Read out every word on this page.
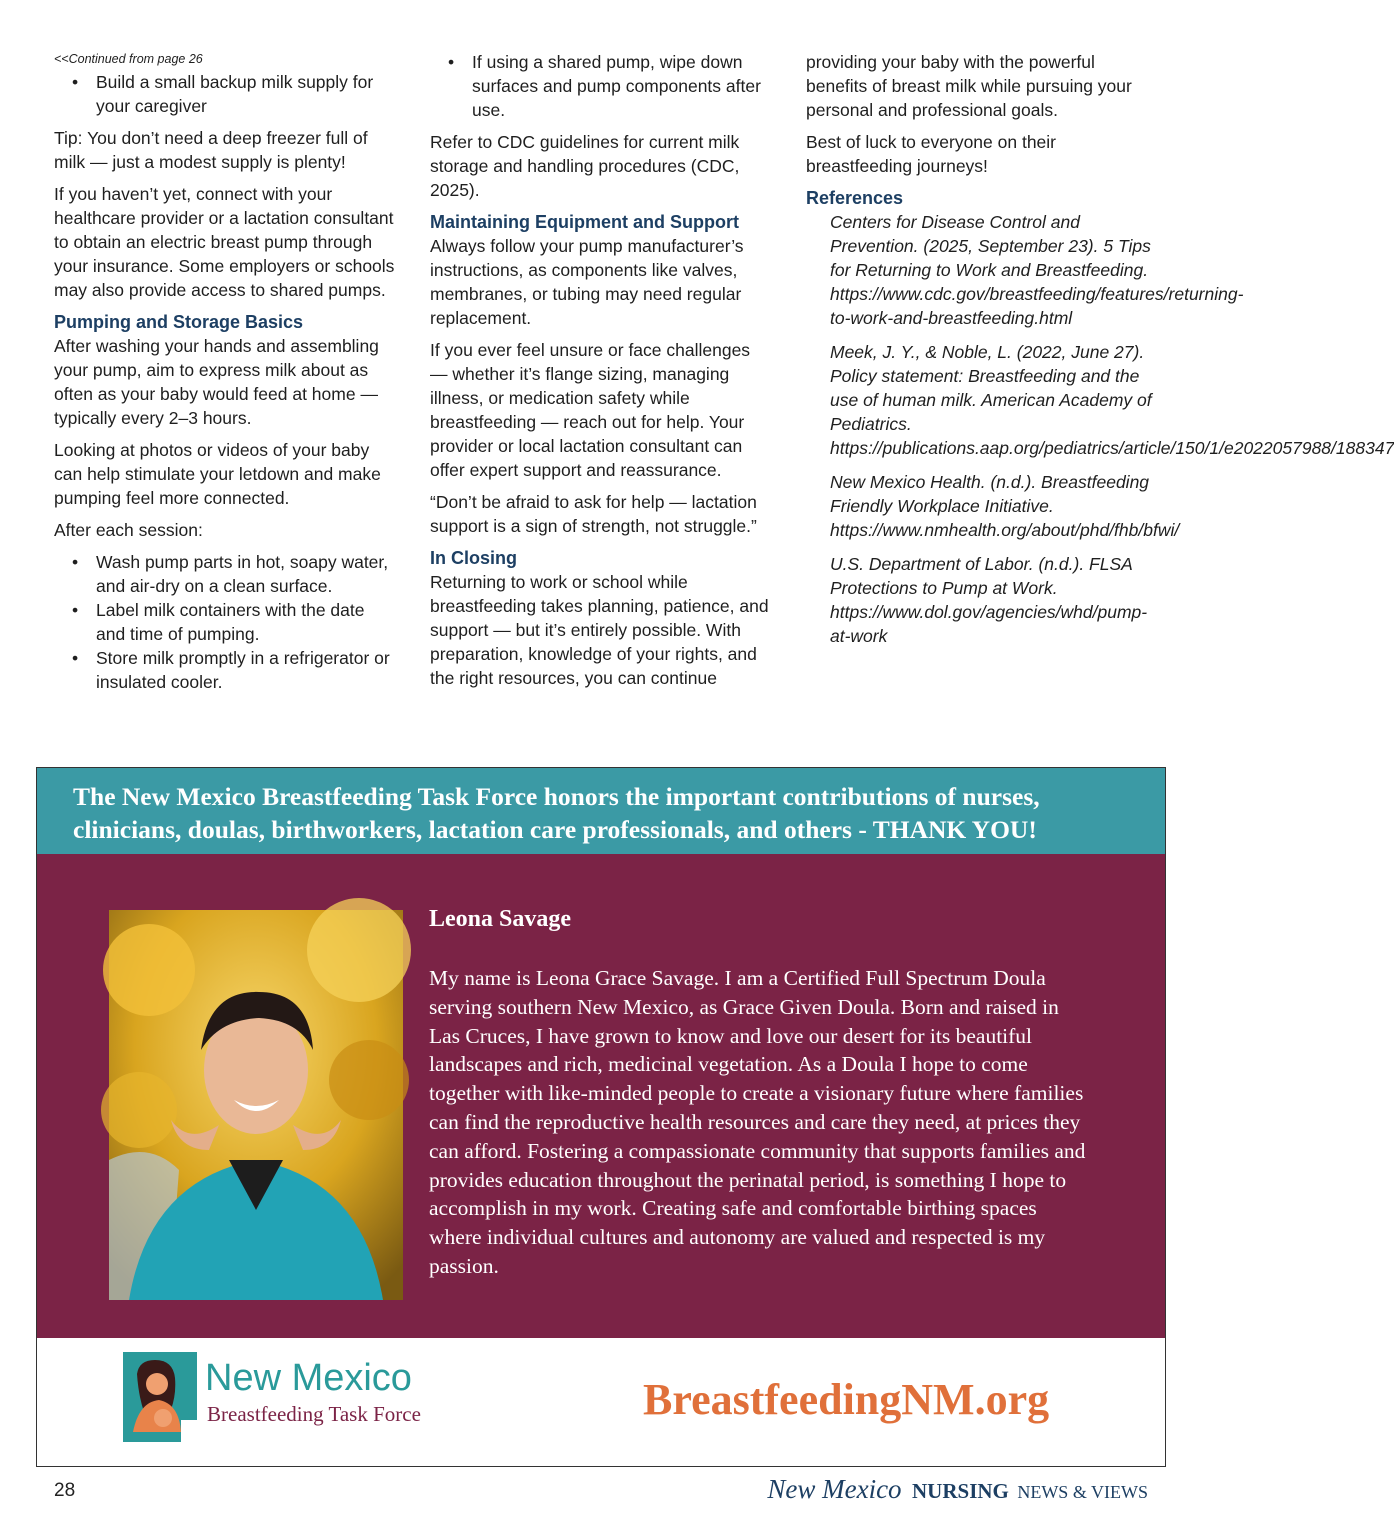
<<Continued from page 26
• Build a small backup milk supply for your caregiver

Tip: You don’t need a deep freezer full of milk — just a modest supply is plenty!

If you haven’t yet, connect with your healthcare provider or a lactation consultant to obtain an electric breast pump through your insurance. Some employers or schools may also provide access to shared pumps.

Pumping and Storage Basics

After washing your hands and assembling your pump, aim to express milk about as often as your baby would feed at home — typically every 2–3 hours.

Looking at photos or videos of your baby can help stimulate your letdown and make pumping feel more connected.

After each session:

• Wash pump parts in hot, soapy water, and air-dry on a clean surface.
• Label milk containers with the date and time of pumping.
• Store milk promptly in a refrigerator or insulated cooler.
• If using a shared pump, wipe down surfaces and pump components after use.

Refer to CDC guidelines for current milk storage and handling procedures (CDC, 2025).

Maintaining Equipment and Support

Always follow your pump manufacturer’s instructions, as components like valves, membranes, or tubing may need regular replacement.

If you ever feel unsure or face challenges — whether it’s flange sizing, managing illness, or medication safety while breastfeeding — reach out for help. Your provider or local lactation consultant can offer expert support and reassurance.

“Don’t be afraid to ask for help — lactation support is a sign of strength, not struggle.”

In Closing

Returning to work or school while breastfeeding takes planning, patience, and support — but it’s entirely possible. With preparation, knowledge of your rights, and the right resources, you can continue

providing your baby with the powerful benefits of breast milk while pursuing your personal and professional goals.

Best of luck to everyone on their breastfeeding journeys!

References

Centers for Disease Control and Prevention. (2025, September 23). 5 Tips for Returning to Work and Breastfeeding. https://www.cdc.gov/breastfeeding/features/returning-to-work-and-breastfeeding.html

Meek, J. Y., & Noble, L. (2022, June 27). Policy statement: Breastfeeding and the use of human milk. American Academy of Pediatrics. https://publications.aap.org/pediatrics/article/150/1/e2022057988/188347

New Mexico Health. (n.d.). Breastfeeding Friendly Workplace Initiative. https://www.nmhealth.org/about/phd/fhb/bfwi/

U.S. Department of Labor. (n.d.). FLSA Protections to Pump at Work. https://www.dol.gov/agencies/whd/pump-at-work

The New Mexico Breastfeeding Task Force honors the important contributions of nurses, clinicians, doulas, birthworkers, lactation care professionals, and others - THANK YOU!
Leona Savage
My name is Leona Grace Savage. I am a Certified Full Spectrum Doula serving southern New Mexico, as Grace Given Doula. Born and raised in Las Cruces, I have grown to know and love our desert for its beautiful landscapes and rich, medicinal vegetation. As a Doula I hope to come together with like-minded people to create a visionary future where families can find the reproductive health resources and care they need, at prices they can afford. Fostering a compassionate community that supports families and provides education throughout the perinatal period, is something I hope to accomplish in my work. Creating safe and comfortable birthing spaces where individual cultures and autonomy are valued and respected is my passion.
New Mexico
Breastfeeding Task Force	BreastfeedingNM.org
28	New Mexico NURSING NEWS & VIEWS
